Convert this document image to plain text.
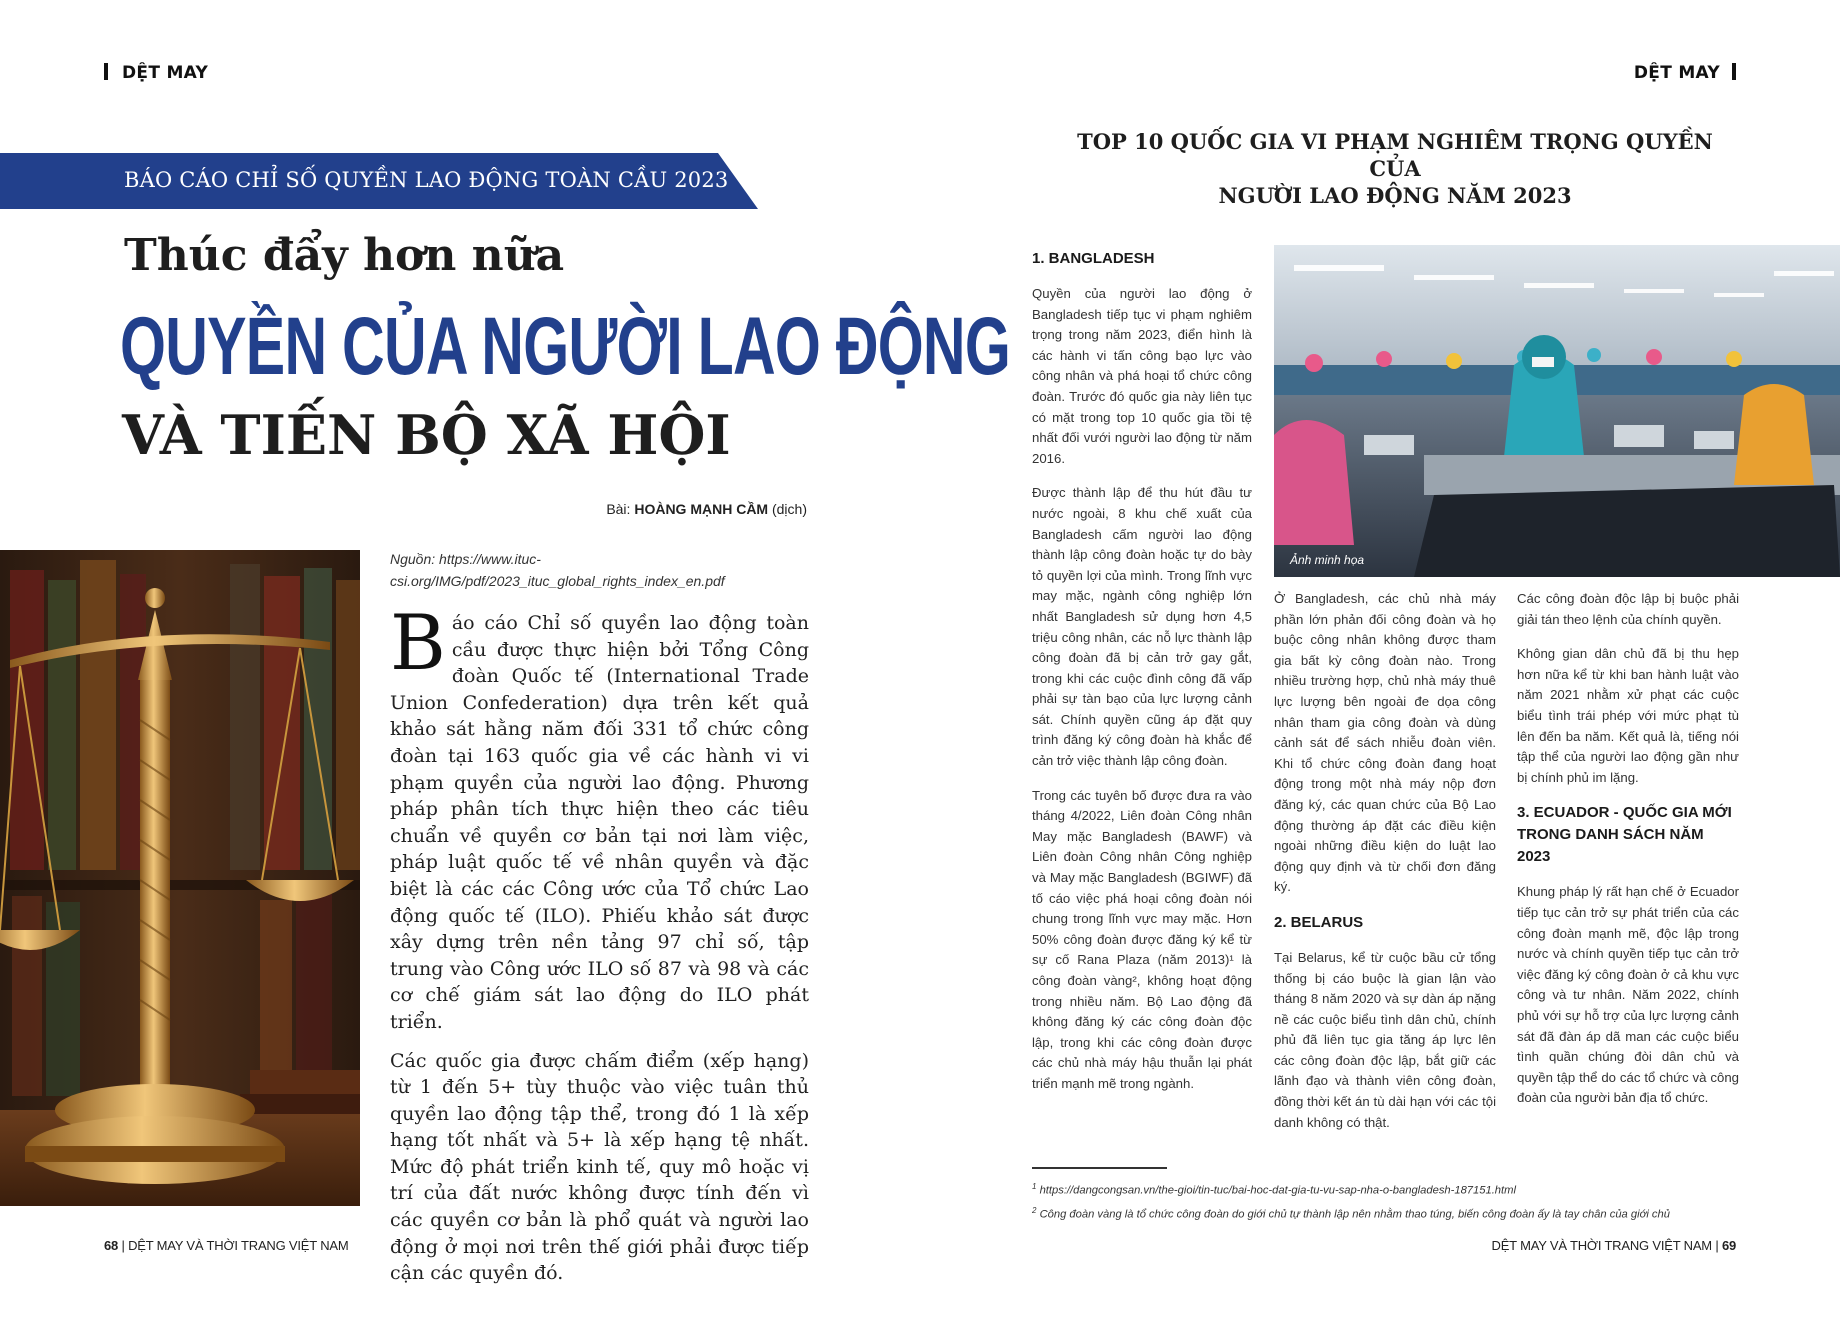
DỆT MAY
BÁO CÁO CHỈ SỐ QUYỀN LAO ĐỘNG TOÀN CẦU 2023
Thúc đẩy hơn nữa
QUYỀN CỦA NGƯỜI LAO ĐỘNG
VÀ TIẾN BỘ XÃ HỘI
Bài: HOÀNG MẠNH CẦM (dịch)
Nguồn: https://www.ituc-csi.org/IMG/pdf/2023_ituc_global_rights_index_en.pdf

Báo cáo Chỉ số quyền lao động toàn cầu được thực hiện bởi Tổng Công đoàn Quốc tế (International Trade Union Confederation) dựa trên kết quả khảo sát hằng năm đối 331 tổ chức công đoàn tại 163 quốc gia về các hành vi vi phạm quyền của người lao động. Phương pháp phân tích thực hiện theo các tiêu chuẩn về quyền cơ bản tại nơi làm việc, pháp luật quốc tế về nhân quyền và đặc biệt là các các Công ước của Tổ chức Lao động quốc tế (ILO). Phiếu khảo sát được xây dựng trên nền tảng 97 chỉ số, tập trung vào Công ước ILO số 87 và 98 và các cơ chế giám sát lao động do ILO phát triển.

Các quốc gia được chấm điểm (xếp hạng) từ 1 đến 5+ tùy thuộc vào việc tuân thủ quyền lao động tập thể, trong đó 1 là xếp hạng tốt nhất và 5+ là xếp hạng tệ nhất. Mức độ phát triển kinh tế, quy mô hoặc vị trí của đất nước không được tính đến vì các quyền cơ bản là phổ quát và người lao động ở mọi nơi trên thế giới phải được tiếp cận các quyền đó.

68 | DỆT MAY VÀ THỜI TRANG VIỆT NAM
DỆT MAY
TOP 10 QUỐC GIA VI PHẠM NGHIÊM TRỌNG QUYỀN CỦA
NGƯỜI LAO ĐỘNG NĂM 2023
1. BANGLADESH

Quyền của người lao động ở Bangladesh tiếp tục vi phạm nghiêm trọng trong năm 2023, điển hình là các hành vi tấn công bạo lực vào công nhân và phá hoại tổ chức công đoàn. Trước đó quốc gia này liên tục có mặt trong top 10 quốc gia tồi tệ nhất đối vưới người lao động từ năm 2016.

Được thành lập để thu hút đầu tư nước ngoài, 8 khu chế xuất của Bangladesh cấm người lao động thành lập công đoàn hoặc tự do bày tỏ quyền lợi của mình. Trong lĩnh vực may mặc, ngành công nghiệp lớn nhất Bangladesh sử dụng hơn 4,5 triệu công nhân, các nỗ lực thành lập công đoàn đã bị cản trở gay gắt, trong khi các cuộc đình công đã vấp phải sự tàn bạo của lực lượng cảnh sát. Chính quyền cũng áp đặt quy trình đăng ký công đoàn hà khắc để cản trở việc thành lập công đoàn.

Trong các tuyên bố được đưa ra vào tháng 4/2022, Liên đoàn Công nhân May mặc Bangladesh (BAWF) và Liên đoàn Công nhân Công nghiệp và May mặc Bangladesh (BGIWF) đã tố cáo việc phá hoại công đoàn nói chung trong lĩnh vực may mặc. Hơn 50% công đoàn được đăng ký kể từ sự cố Rana Plaza (năm 2013)¹ là công đoàn vàng², không hoạt động trong nhiều năm. Bộ Lao động đã không đăng ký các công đoàn độc lập, trong khi các công đoàn được các chủ nhà máy hậu thuẫn lại phát triển mạnh mẽ trong ngành.

Ảnh minh họa

Ở Bangladesh, các chủ nhà máy phần lớn phản đối công đoàn và họ buộc công nhân không được tham gia bất kỳ công đoàn nào. Trong nhiều trường hợp, chủ nhà máy thuê lực lượng bên ngoài đe dọa công nhân tham gia công đoàn và dùng cảnh sát để sách nhiễu đoàn viên. Khi tổ chức công đoàn đang hoạt động trong một nhà máy nộp đơn đăng ký, các quan chức của Bộ Lao động thường áp đặt các điều kiện ngoài những điều kiện do luật lao động quy định và từ chối đơn đăng ký.

2. BELARUS

Tại Belarus, kể từ cuộc bầu cử tổng thống bị cáo buộc là gian lận vào tháng 8 năm 2020 và sự dàn áp nặng nề các cuộc biểu tình dân chủ, chính phủ đã liên tục gia tăng áp lực lên các công đoàn độc lập, bắt giữ các lãnh đạo và thành viên công đoàn, đồng thời kết án tù dài hạn với các tội danh không có thật.

Các công đoàn độc lập bị buộc phải giải tán theo lệnh của chính quyền.

Không gian dân chủ đã bị thu hẹp hơn nữa kể từ khi ban hành luật vào năm 2021 nhằm xử phạt các cuộc biểu tình trái phép với mức phạt tù lên đến ba năm. Kết quả là, tiếng nói tập thể của người lao động gần như bị chính phủ im lặng.

3. ECUADOR - QUỐC GIA MỚI TRONG DANH SÁCH NĂM 2023

Khung pháp lý rất hạn chế ở Ecuador tiếp tục cản trở sự phát triển của các công đoàn mạnh mẽ, độc lập trong nước và chính quyền tiếp tục cản trở việc đăng ký công đoàn ở cả khu vực công và tư nhân. Năm 2022, chính phủ với sự hỗ trợ của lực lượng cảnh sát đã đàn áp dã man các cuộc biểu tình quần chúng đòi dân chủ và quyền tập thể do các tổ chức và công đoàn của người bản địa tổ chức.

$^1$ https://dangcongsan.vn/the-gioi/tin-tuc/bai-hoc-dat-gia-tu-vu-sap-nha-o-bangladesh-187151.html
$^2$ Công đoàn vàng là tổ chức công đoàn do giới chủ tự thành lập nên nhằm thao túng, biến công đoàn ấy là tay chân của giới chủ
DỆT MAY VÀ THỜI TRANG VIỆT NAM | 69
